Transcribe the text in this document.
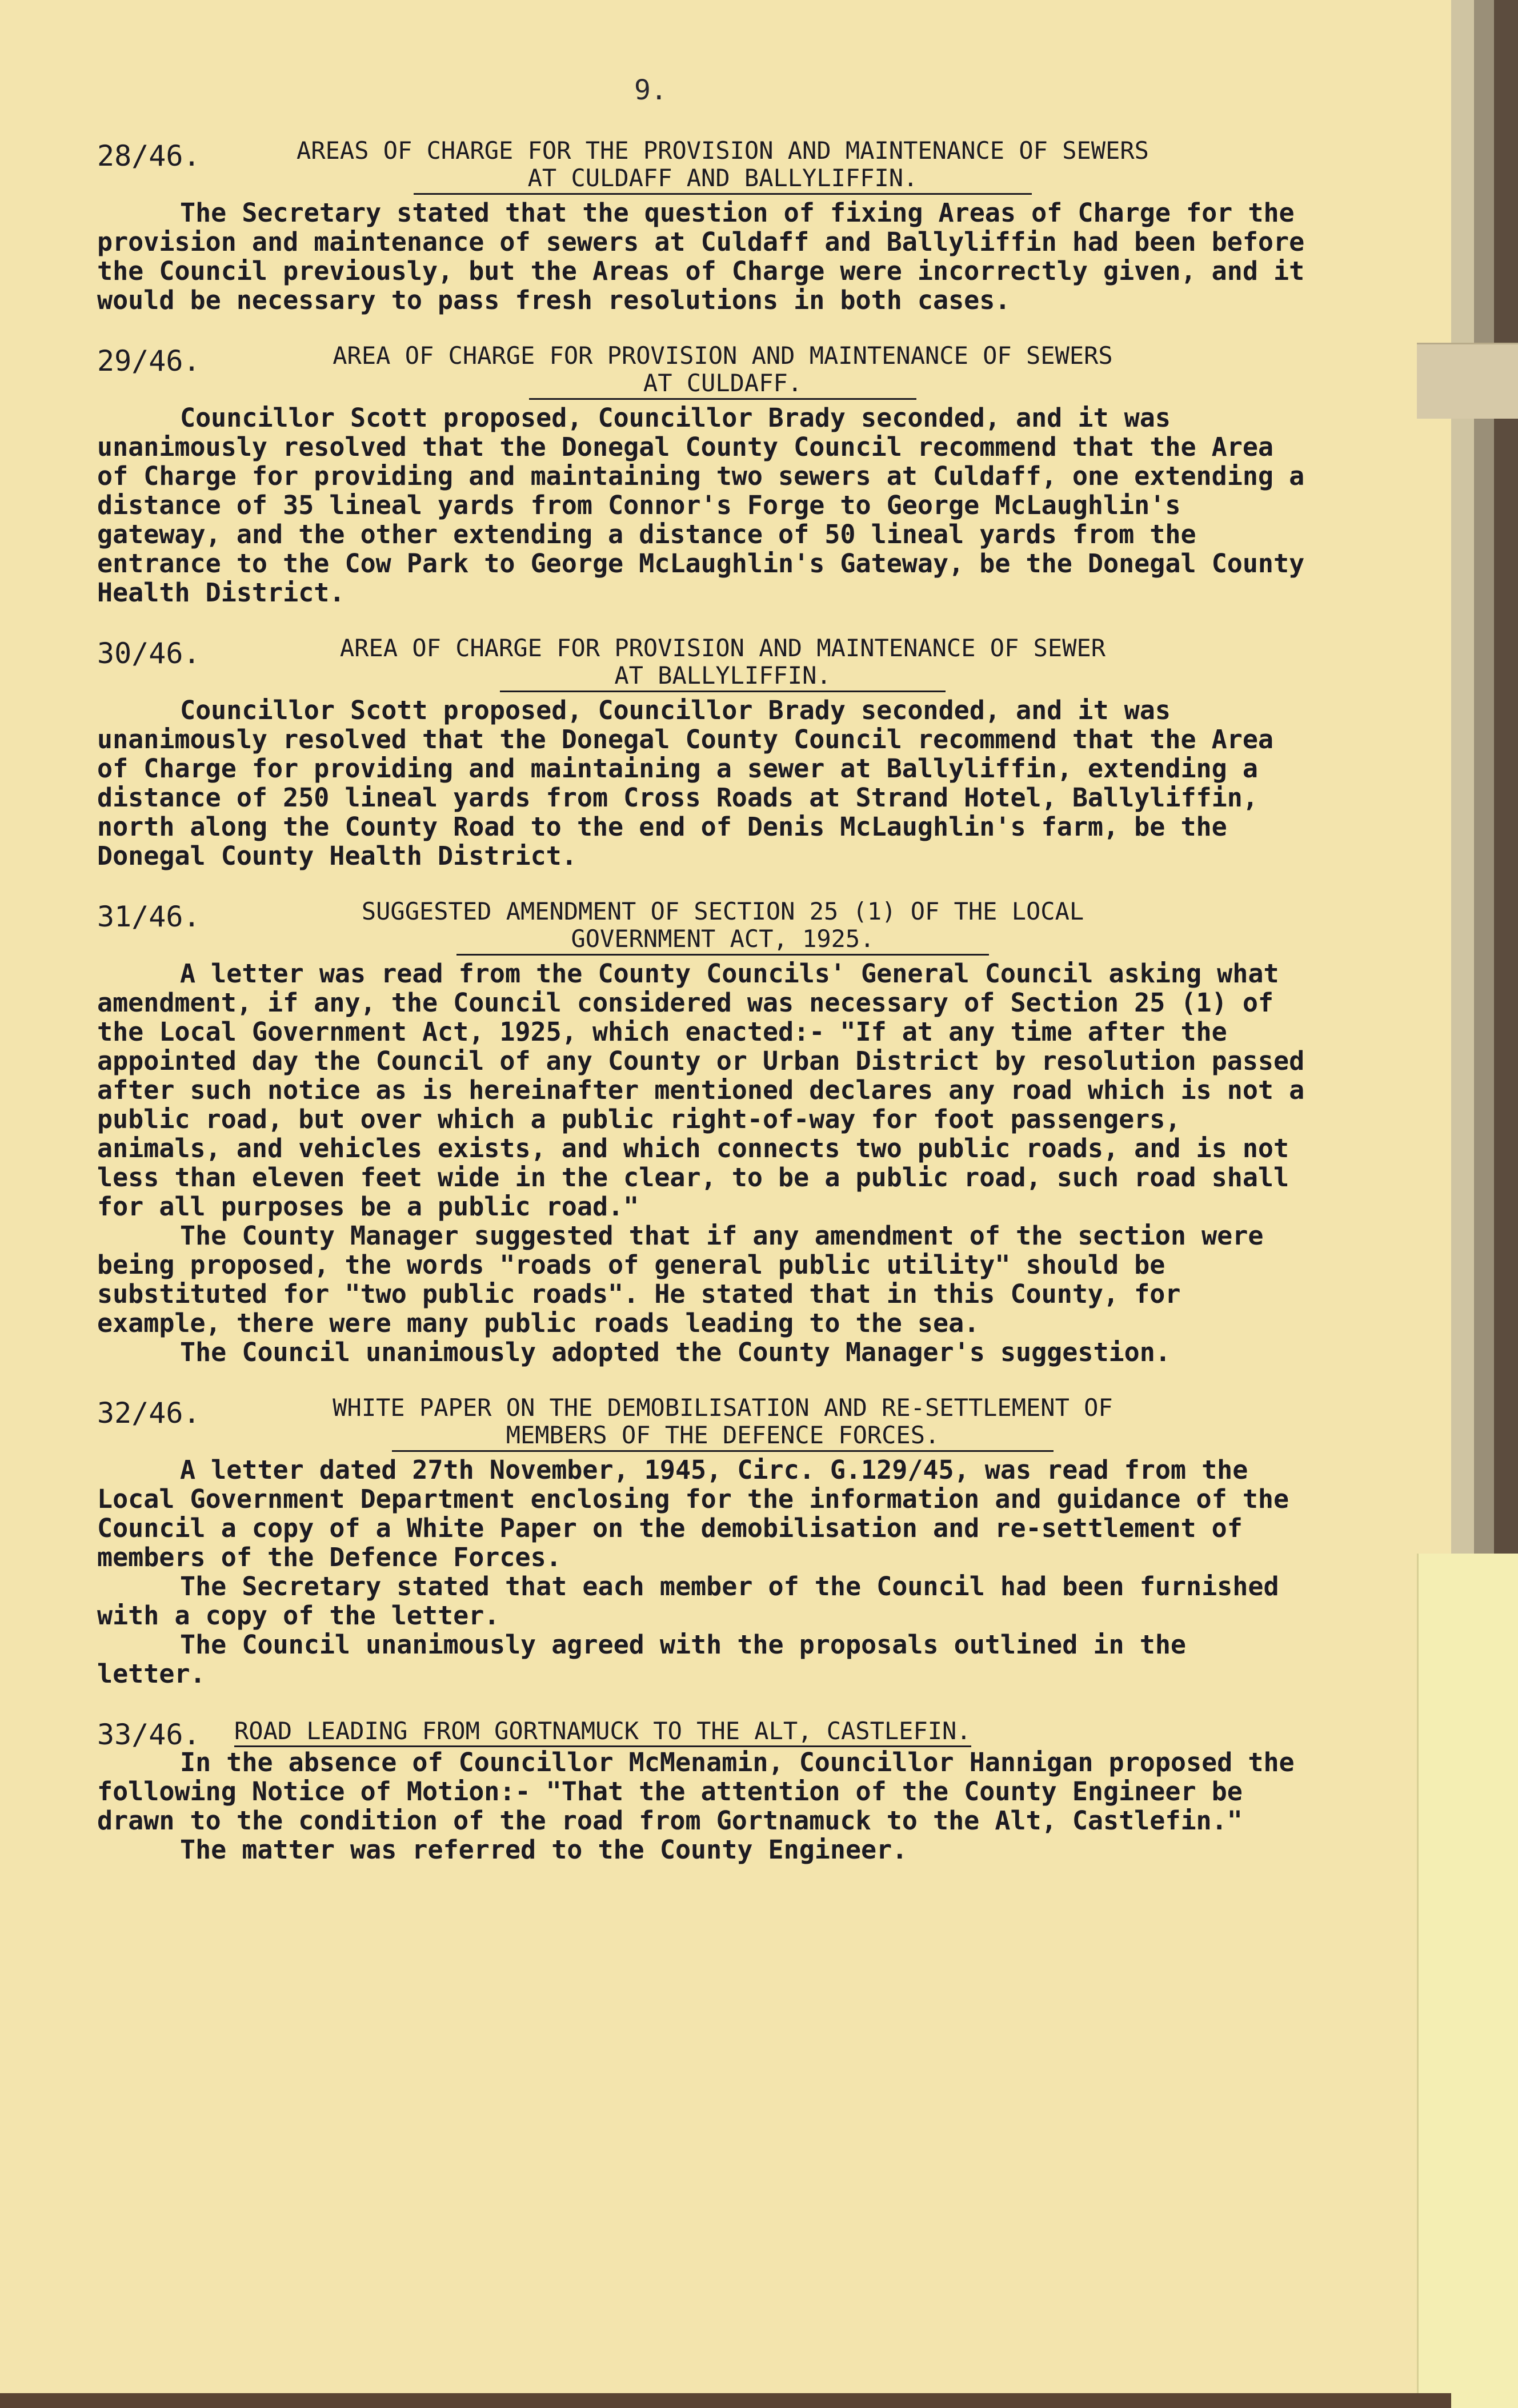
9.
28/46.	AREAS OF CHARGE FOR THE PROVISION AND MAINTENANCE OF SEWERS
AT CULDAFF AND BALLYLIFFIN.

The Secretary stated that the question of fixing Areas of Charge for the provision and maintenance of sewers at Culdaff and Ballyliffin had been before the Council previously, but the Areas of Charge were incorrectly given, and it would be necessary to pass fresh resolutions in both cases.

29/46.	AREA OF CHARGE FOR PROVISION AND MAINTENANCE OF SEWERS
AT CULDAFF.

Councillor Scott proposed, Councillor Brady seconded, and it was unanimously resolved that the Donegal County Council recommend that the Area of Charge for providing and maintaining two sewers at Culdaff, one extending a distance of 35 lineal yards from Connor's Forge to George McLaughlin's gateway, and the other extending a distance of 50 lineal yards from the entrance to the Cow Park to George McLaughlin's Gateway, be the Donegal County Health District.

30/46.	AREA OF CHARGE FOR PROVISION AND MAINTENANCE OF SEWER
AT BALLYLIFFIN.

Councillor Scott proposed, Councillor Brady seconded, and it was unanimously resolved that the Donegal County Council recommend that the Area of Charge for providing and maintaining a sewer at Ballyliffin, extending a distance of 250 lineal yards from Cross Roads at Strand Hotel, Ballyliffin, north along the County Road to the end of Denis McLaughlin's farm, be the Donegal County Health District.

31/46.	SUGGESTED AMENDMENT OF SECTION 25 (1) OF THE LOCAL
GOVERNMENT ACT, 1925.

A letter was read from the County Councils' General Council asking what amendment, if any, the Council considered was necessary of Section 25 (1) of the Local Government Act, 1925, which enacted:- "If at any time after the appointed day the Council of any County or Urban District by resolution passed after such notice as is hereinafter mentioned declares any road which is not a public road, but over which a public right-of-way for foot passengers, animals, and vehicles exists, and which connects two public roads, and is not less than eleven feet wide in the clear, to be a public road, such road shall for all purposes be a public road."

The County Manager suggested that if any amendment of the section were being proposed, the words "roads of general public utility" should be substituted for "two public roads". He stated that in this County, for example, there were many public roads leading to the sea.

The Council unanimously adopted the County Manager's suggestion.

32/46.	WHITE PAPER ON THE DEMOBILISATION AND RE-SETTLEMENT OF
MEMBERS OF THE DEFENCE FORCES.

A letter dated 27th November, 1945, Circ. G.129/45, was read from the Local Government Department enclosing for the information and guidance of the Council a copy of a White Paper on the demobilisation and re-settlement of members of the Defence Forces.

The Secretary stated that each member of the Council had been furnished with a copy of the letter.

The Council unanimously agreed with the proposals outlined in the letter.

33/46.	ROAD LEADING FROM GORTNAMUCK TO THE ALT, CASTLEFIN.

In the absence of Councillor McMenamin, Councillor Hannigan proposed the following Notice of Motion:- "That the attention of the County Engineer be drawn to the condition of the road from Gortnamuck to the Alt, Castlefin."

The matter was referred to the County Engineer.
